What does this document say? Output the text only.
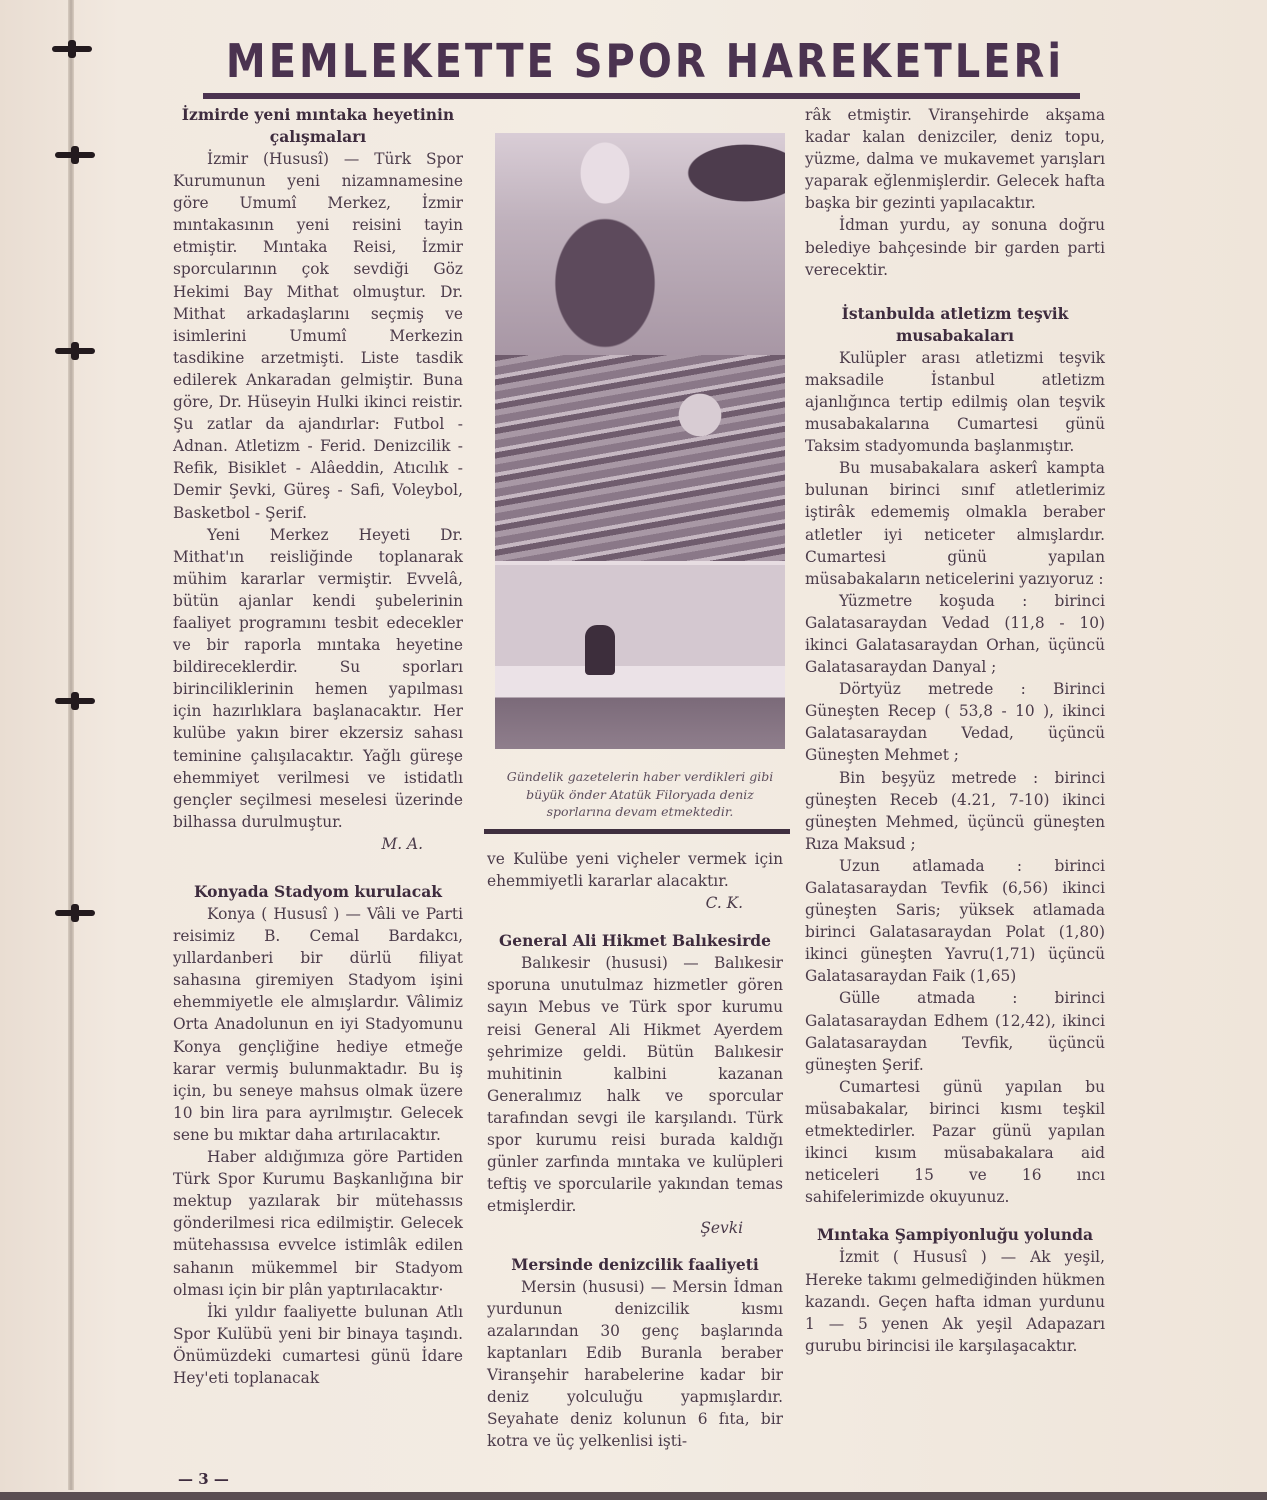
MEMLEKETTE SPOR HAREKETLERi
İzmirde yeni mıntaka heyetinin çalışmaları

İzmir (Hususî) — Türk Spor Kurumunun yeni nizamnamesine göre Umumî Merkez, İzmir mıntakasının yeni reisini tayin etmiştir. Mıntaka Reisi, İzmir sporcularının çok sevdiği Göz Hekimi Bay Mithat olmuştur. Dr. Mithat arkadaşlarını seçmiş ve isimlerini Umumî Merkezin tasdikine arzetmişti. Liste tasdik edilerek Ankaradan gelmiştir. Buna göre, Dr. Hüseyin Hulki ikinci reistir. Şu zatlar da ajandırlar: Futbol - Adnan. Atletizm - Ferid. Denizcilik - Refik, Bisiklet - Alâeddin, Atıcılık - Demir Şevki, Güreş - Safi, Voleybol, Basketbol - Şerif.

Yeni Merkez Heyeti Dr. Mithat'ın reisliğinde toplanarak mühim kararlar vermiştir. Evvelâ, bütün ajanlar kendi şubelerinin faaliyet programını tesbit edecekler ve bir raporla mıntaka heyetine bildireceklerdir. Su sporları birinciliklerinin hemen yapılması için hazırlıklara başlanacaktır. Her kulübe yakın birer ekzersiz sahası teminine çalışılacaktır. Yağlı güreşe ehemmiyet verilmesi ve istidatlı gençler seçilmesi meselesi üzerinde bilhassa durulmuştur.

M. A.
Konyada Stadyom kurulacak

Konya ( Hususî ) — Vâli ve Parti reisimiz B. Cemal Bardakcı, yıllardanberi bir dürlü filiyat sahasına giremiyen Stadyom işini ehemmiyetle ele almışlardır. Vâlimiz Orta Anadolunun en iyi Stadyomunu Konya gençliğine hediye etmeğe karar vermiş bulunmaktadır. Bu iş için, bu seneye mahsus olmak üzere 10 bin lira para ayrılmıştır. Gelecek sene bu mıktar daha artırılacaktır.

Haber aldığımıza göre Partiden Türk Spor Kurumu Başkanlığına bir mektup yazılarak bir mütehassıs gönderilmesi rica edilmiştir. Gelecek mütehassısa evvelce istimlâk edilen sahanın mükemmel bir Stadyom olması için bir plân yaptırılacaktır·

İki yıldır faaliyette bulunan Atlı Spor Kulübü yeni bir binaya taşındı. Önümüzdeki cumartesi günü İdare Hey'eti toplanacak

Gündelik gazetelerin haber verdikleri gibi büyük önder Atatük Filoryada deniz sporlarına devam etmektedir.

ve Kulübe yeni viçheler vermek için ehemmiyetli kararlar alacaktır.

C. K.
General Ali Hikmet Balıkesirde

Balıkesir (hususi) — Balıkesir sporuna unutulmaz hizmetler gören sayın Mebus ve Türk spor kurumu reisi General Ali Hikmet Ayerdem şehrimize geldi. Bütün Balıkesir muhitinin kalbini kazanan Generalımız halk ve sporcular tarafından sevgi ile karşılandı. Türk spor kurumu reisi burada kaldığı günler zarfında mıntaka ve kulüpleri teftiş ve sporcularile yakından temas etmişlerdir.

Şevki
Mersinde denizcilik faaliyeti

Mersin (hususi) — Mersin İdman yurdunun denizcilik kısmı azalarından 30 genç başlarında kaptanları Edib Buranla beraber Viranşehir harabelerine kadar bir deniz yolculuğu yapmışlardır. Seyahate deniz kolunun 6 fıta, bir kotra ve üç yelkenlisi işti-

râk etmiştir. Viranşehirde akşama kadar kalan denizciler, deniz topu, yüzme, dalma ve mukavemet yarışları yaparak eğlenmişlerdir. Gelecek hafta başka bir gezinti yapılacaktır.

İdman yurdu, ay sonuna doğru belediye bahçesinde bir garden parti verecektir.

İstanbulda atletizm teşvik musabakaları

Kulüpler arası atletizmi teşvik maksadile İstanbul atletizm ajanlığınca tertip edilmiş olan teşvik musabakalarına Cumartesi günü Taksim stadyomunda başlanmıştır.

Bu musabakalara askerî kampta bulunan birinci sınıf atletlerimiz iştirâk edememiş olmakla beraber atletler iyi neticeter almışlardır. Cumartesi günü yapılan müsabakaların neticelerini yazıyoruz :

Yüzmetre koşuda : birinci Galatasaraydan Vedad (11,8 - 10) ikinci Galatasaraydan Orhan, üçüncü Galatasaraydan Danyal ;

Dörtyüz metrede : Birinci Güneşten Recep ( 53,8 - 10 ), ikinci Galatasaraydan Vedad, üçüncü Güneşten Mehmet ;

Bin beşyüz metrede : birinci güneşten Receb (4.21, 7-10) ikinci güneşten Mehmed, üçüncü güneşten Rıza Maksud ;

Uzun atlamada : birinci Galatasaraydan Tevfik (6,56) ikinci güneşten Saris; yüksek atlamada birinci Galatasaraydan Polat (1,80) ikinci güneşten Yavru(1,71) üçüncü Galatasaraydan Faik (1,65)

Gülle atmada : birinci Galatasaraydan Edhem (12,42), ikinci Galatasaraydan Tevfik, üçüncü güneşten Şerif.

Cumartesi günü yapılan bu müsabakalar, birinci kısmı teşkil etmektedirler. Pazar günü yapılan ikinci kısım müsabakalara aid neticeleri 15 ve 16 ıncı sahifelerimizde okuyunuz.

Mıntaka Şampiyonluğu yolunda

İzmit ( Hususî ) — Ak yeşil, Hereke takımı gelmediğinden hükmen kazandı. Geçen hafta idman yurdunu 1 — 5 yenen Ak yeşil Adapazarı gurubu birincisi ile karşılaşacaktır.

— 3 —
